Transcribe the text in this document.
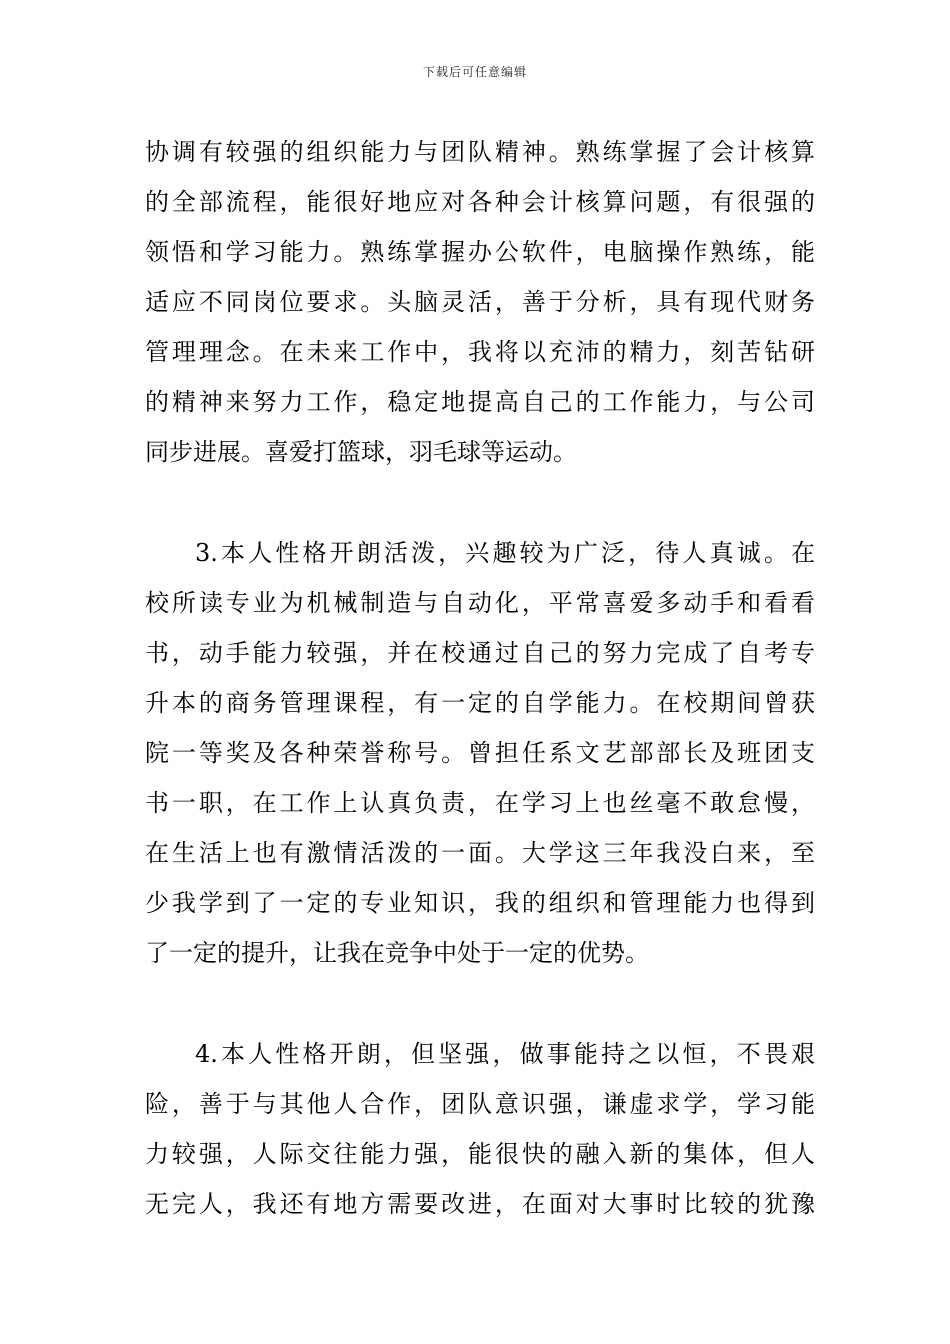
下载后可任意编辑
协调有较强的组织能力与团队精神。熟练掌握了会计核算
的全部流程，能很好地应对各种会计核算问题，有很强的
领悟和学习能力。熟练掌握办公软件，电脑操作熟练，能
适应不同岗位要求。头脑灵活，善于分析，具有现代财务
管理理念。在未来工作中，我将以充沛的精力，刻苦钻研
的精神来努力工作，稳定地提高自己的工作能力，与公司
同步进展。喜爱打篮球，羽毛球等运动。
3.本人性格开朗活泼，兴趣较为广泛，待人真诚。在
校所读专业为机械制造与自动化，平常喜爱多动手和看看
书，动手能力较强，并在校通过自己的努力完成了自考专
升本的商务管理课程，有一定的自学能力。在校期间曾获
院一等奖及各种荣誉称号。曾担任系文艺部部长及班团支
书一职，在工作上认真负责，在学习上也丝毫不敢怠慢，
在生活上也有激情活泼的一面。大学这三年我没白来，至
少我学到了一定的专业知识，我的组织和管理能力也得到
了一定的提升，让我在竞争中处于一定的优势。
4.本人性格开朗，但坚强，做事能持之以恒，不畏艰
险，善于与其他人合作，团队意识强，谦虚求学，学习能
力较强，人际交往能力强，能很快的融入新的集体，但人
无完人，我还有地方需要改进，在面对大事时比较的犹豫
